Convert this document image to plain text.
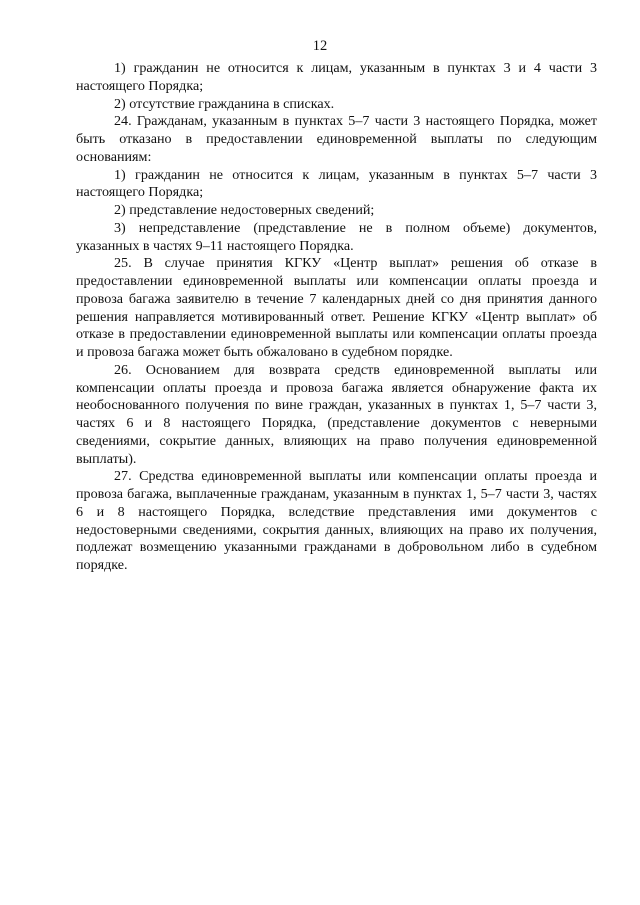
12

1) гражданин не относится к лицам, указанным в пунктах 3 и 4 части 3 настоящего Порядка;

2) отсутствие гражданина в списках.

24. Гражданам, указанным в пунктах 5–7 части 3 настоящего Порядка, может быть отказано в предоставлении единовременной выплаты по следующим основаниям:

1) гражданин не относится к лицам, указанным в пунктах 5–7 части 3 настоящего Порядка;

2) представление недостоверных сведений;

3) непредставление (представление не в полном объеме) документов, указанных в частях 9–11 настоящего Порядка.

25. В случае принятия КГКУ «Центр выплат» решения об отказе в предоставлении единовременной выплаты или компенсации оплаты проезда и провоза багажа заявителю в течение 7 календарных дней со дня принятия данного решения направляется мотивированный ответ. Решение КГКУ «Центр выплат» об отказе в предоставлении единовременной выплаты или компенсации оплаты проезда и провоза багажа может быть обжаловано в судебном порядке.

26. Основанием для возврата средств единовременной выплаты или компенсации оплаты проезда и провоза багажа является обнаружение факта их необоснованного получения по вине граждан, указанных в пунктах 1, 5–7 части 3, частях 6 и 8 настоящего Порядка, (представление документов с неверными сведениями, сокрытие данных, влияющих на право получения единовременной выплаты).

27. Средства единовременной выплаты или компенсации оплаты проезда и провоза багажа, выплаченные гражданам, указанным в пунктах 1, 5–7 части 3, частях 6 и 8 настоящего Порядка, вследствие представления ими документов с недостоверными сведениями, сокрытия данных, влияющих на право их получения, подлежат возмещению указанными гражданами в добровольном либо в судебном порядке.
